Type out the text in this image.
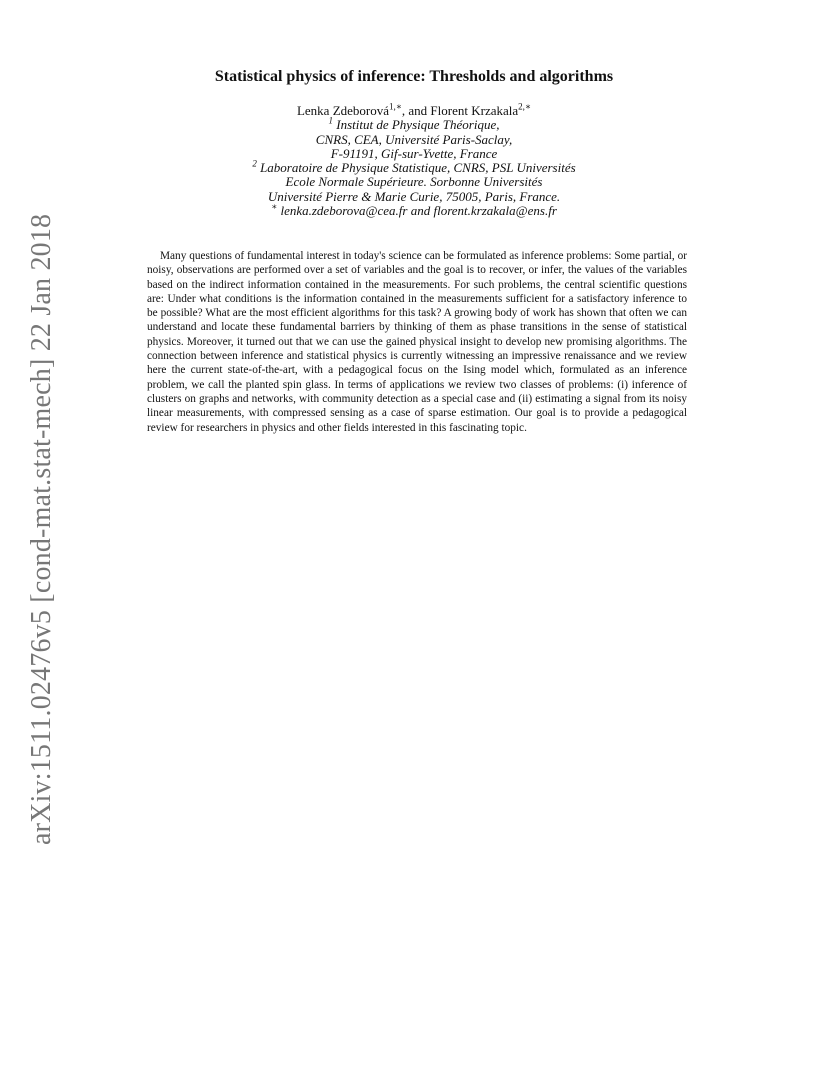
arXiv:1511.02476v5 [cond-mat.stat-mech] 22 Jan 2018
Statistical physics of inference: Thresholds and algorithms
Lenka Zdeborová$^{1,∗}$, and Florent Krzakala$^{2,∗}$
$^1$ Institut de Physique Théorique,
CNRS, CEA, Université Paris-Saclay,
F-91191, Gif-sur-Yvette, France
$^2$ Laboratoire de Physique Statistique, CNRS, PSL Universités
Ecole Normale Supérieure. Sorbonne Universités
Université Pierre & Marie Curie, 75005, Paris, France.
∗ lenka.zdeborova@cea.fr and florent.krzakala@ens.fr
Many questions of fundamental interest in today's science can be formulated as inference problems: Some partial, or noisy, observations are performed over a set of variables and the goal is to recover, or infer, the values of the variables based on the indirect information contained in the measurements. For such problems, the central scientific questions are: Under what conditions is the information contained in the measurements sufficient for a satisfactory inference to be possible? What are the most efficient algorithms for this task? A growing body of work has shown that often we can understand and locate these fundamental barriers by thinking of them as phase transitions in the sense of statistical physics. Moreover, it turned out that we can use the gained physical insight to develop new promising algorithms. The connection between inference and statistical physics is currently witnessing an impressive renaissance and we review here the current state-of-the-art, with a pedagogical focus on the Ising model which, formulated as an inference problem, we call the planted spin glass. In terms of applications we review two classes of problems: (i) inference of clusters on graphs and networks, with community detection as a special case and (ii) estimating a signal from its noisy linear measurements, with compressed sensing as a case of sparse estimation. Our goal is to provide a pedagogical review for researchers in physics and other fields interested in this fascinating topic.
